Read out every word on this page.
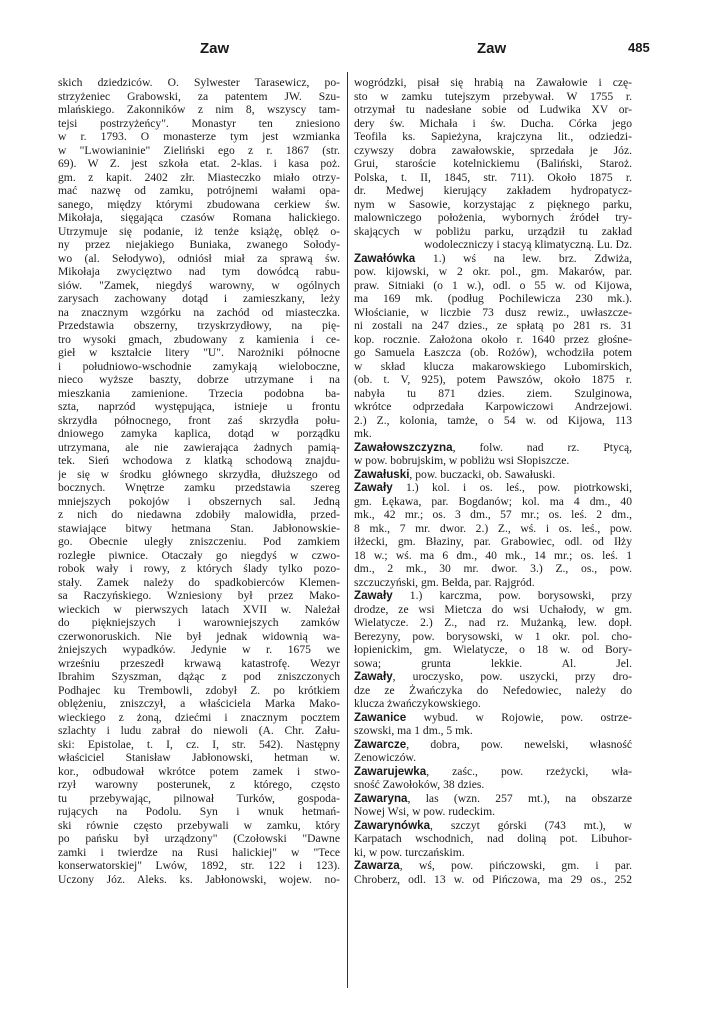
Zaw	Zaw	485
skich dziedziców. O. Sylwester Tarasewicz, po-
strzyżeniec Grabowski, za patentem JW. Szu-
mlańskiego. Zakonników z nim 8, wszyscy tam-
tejsi postrzyżeńcy". Monastyr ten zniesiono
w r. 1793. O monasterze tym jest wzmianka
w "Lwowianinie" Zieliński ego z r. 1867 (str.
69). W Z. jest szkoła etat. 2-klas. i kasa poż.
gm. z kapit. 2402 złr. Miasteczko miało otrzy-
mać nazwę od zamku, potrójnemi wałami opa-
sanego, między którymi zbudowana cerkiew św.
Mikołaja, sięgająca czasów Romana halickiego.
Utrzymuje się podanie, iż tenże książę, oblęż o-
ny przez niejakiego Buniaka, zwanego Sołody-
wo (al. Sełodywo), odniósł miał za sprawą św.
Mikołaja zwycięztwo nad tym dowódcą rabu-
siów. "Zamek, niegdyś warowny, w ogólnych
zarysach zachowany dotąd i zamieszkany, leży
na znacznym wzgórku na zachód od miasteczka.
Przedstawia obszerny, trzyskrzydłowy, na pię-
tro wysoki gmach, zbudowany z kamienia i ce-
gieł w kształcie litery "U". Narożniki północne
i południowo-wschodnie zamykają wieloboczne,
nieco wyższe baszty, dobrze utrzymane i na
mieszkania zamienione. Trzecia podobna ba-
szta, naprzód występująca, istnieje u frontu
skrzydła północnego, front zaś skrzydła połu-
dniowego zamyka kaplica, dotąd w porządku
utrzymana, ale nie zawierająca żadnych pamią-
tek. Sień wchodowa z klatką schodową znajdu-
je się w środku głównego skrzydła, dłuższego od
bocznych. Wnętrze zamku przedstawia szereg
mniejszych pokojów i obszernych sal. Jedną
z nich do niedawna zdobiły malowidła, przed-
stawiające bitwy hetmana Stan. Jabłonowskie-
go. Obecnie uległy zniszczeniu. Pod zamkiem
rozległe piwnice. Otaczały go niegdyś w czwo-
robok wały i rowy, z których ślady tylko pozo-
stały. Zamek należy do spadkobierców Klemen-
sa Raczyńskiego. Wzniesiony był przez Mako-
wieckich w pierwszych latach XVII w. Należał
do piękniejszych i warowniejszych zamków
czerwonoruskich. Nie był jednak widownią wa-
żniejszych wypadków. Jedynie w r. 1675 we
wrześniu przeszedł krwawą katastrofę. Wezyr
Ibrahim Szyszman, dążąc z pod zniszczonych
Podhajec ku Trembowli, zdobył Z. po krótkiem
oblężeniu, zniszczył, a właściciela Marka Mako-
wieckiego z żoną, dziećmi i znacznym pocztem
szlachty i ludu zabrał do niewoli (A. Chr. Zału-
ski: Epistolae, t. I, cz. I, str. 542). Następny
właściciel Stanisław Jabłonowski, hetman w.
kor., odbudował wkrótce potem zamek i stwo-
rzył warowny posterunek, z którego, często
tu przebywając, pilnował Turków, gospoda-
rujących na Podolu. Syn i wnuk hetmań-
ski równie często przebywali w zamku, który
po pańsku był urządzony" (Czołowski "Dawne
zamki i twierdze na Rusi halickiej" w "Tece
konserwatorskiej" Lwów, 1892, str. 122 i 123).
Uczony Józ. Aleks. ks. Jabłonowski, wojew. no-
wogródzki, pisał się hrabią na Zawałowie i czę-
sto w zamku tutejszym przebywał. W 1755 r.
otrzymał tu nadesłane sobie od Ludwika XV or-
dery św. Michała i św. Ducha. Córka jego
Teofila ks. Sapieżyna, krajczyna lit., odziedzi-
czywszy dobra zawałowskie, sprzedała je Józ.
Grui, staroście kotelnickiemu (Baliński, Staroż.
Polska, t. II, 1845, str. 711). Około 1875 r.
dr. Medwej kierujący zakładem hydropatycz-
nym w Sasowie, korzystając z pięknego parku,
malowniczego położenia, wybornych źródeł try-
skających w pobliżu parku, urządził tu zakład
wodoleczniczy i stacyą klimatyczną. Lu. Dz.
Zawałówka 1.) wś na lew. brz. Zdwiża,
pow. kijowski, w 2 okr. pol., gm. Makarów, par.
praw. Sitniaki (o 1 w.), odl. o 55 w. od Kijowa,
ma 169 mk. (podług Pochilewicza 230 mk.).
Włościanie, w liczbie 73 dusz rewiz., uwłaszcze-
ni zostali na 247 dzies., ze spłatą po 281 rs. 31
kop. rocznie. Założona około r. 1640 przez głośne-
go Samuela Łaszcza (ob. Rożów), wchodziła potem
w skład klucza makarowskiego Lubomirskich,
(ob. t. V, 925), potem Pawszów, około 1875 r.
nabyła tu 871 dzies. ziem. Szulginowa,
wkrótce odprzedała Karpowiczowi Andrzejowi.
2.) Z., kolonia, tamże, o 54 w. od Kijowa, 113
mk.
Zawałowszczyzna, folw. nad rz. Ptycą,
w pow. bobrujskim, w pobliżu wsi Słopiszcze.
Zawałuski, pow. buczacki, ob. Sawałuski.
Zawały 1.) kol. i os. leś., pow. piotrkowski,
gm. Łękawa, par. Bogdanów; kol. ma 4 dm., 40
mk., 42 mr.; os. 3 dm., 57 mr.; os. leś. 2 dm.,
8 mk., 7 mr. dwor. 2.) Z., wś. i os. leś., pow.
iłżecki, gm. Błaziny, par. Grabowiec, odl. od Iłży
18 w.; wś. ma 6 dm., 40 mk., 14 mr.; os. leś. 1
dm., 2 mk., 30 mr. dwor. 3.) Z., os., pow.
szczuczyński, gm. Bełda, par. Rajgród.
Zawały 1.) karczma, pow. borysowski, przy
drodze, ze wsi Mietcza do wsi Uchałody, w gm.
Wielatycze. 2.) Z., nad rz. Mużanką, lew. dopł.
Berezyny, pow. borysowski, w 1 okr. pol. cho-
łopienickim, gm. Wielatycze, o 18 w. od Bory-
sowa; grunta lekkie. Al. Jel.
Zawały, uroczysko, pow. uszycki, przy dro-
dze ze Żwańczyka do Nefedowiec, należy do
klucza żwańczykowskiego.
Zawanice wybud. w Rojowie, pow. ostrze-
szowski, ma 1 dm., 5 mk.
Zawarcze, dobra, pow. newelski, własność
Zenowiczów.
Zawarujewka, zaśc., pow. rzeżycki, wła-
sność Zawołoków, 38 dzies.
Zawaryna, las (wzn. 257 mt.), na obszarze
Nowej Wsi, w pow. rudeckim.
Zawarynówka, szczyt górski (743 mt.), w
Karpatach wschodnich, nad doliną pot. Libuhor-
ki, w pow. turczańskim.
Zawarza, wś, pow. pińczowski, gm. i par.
Chroberz, odl. 13 w. od Pińczowa, ma 29 os., 252
